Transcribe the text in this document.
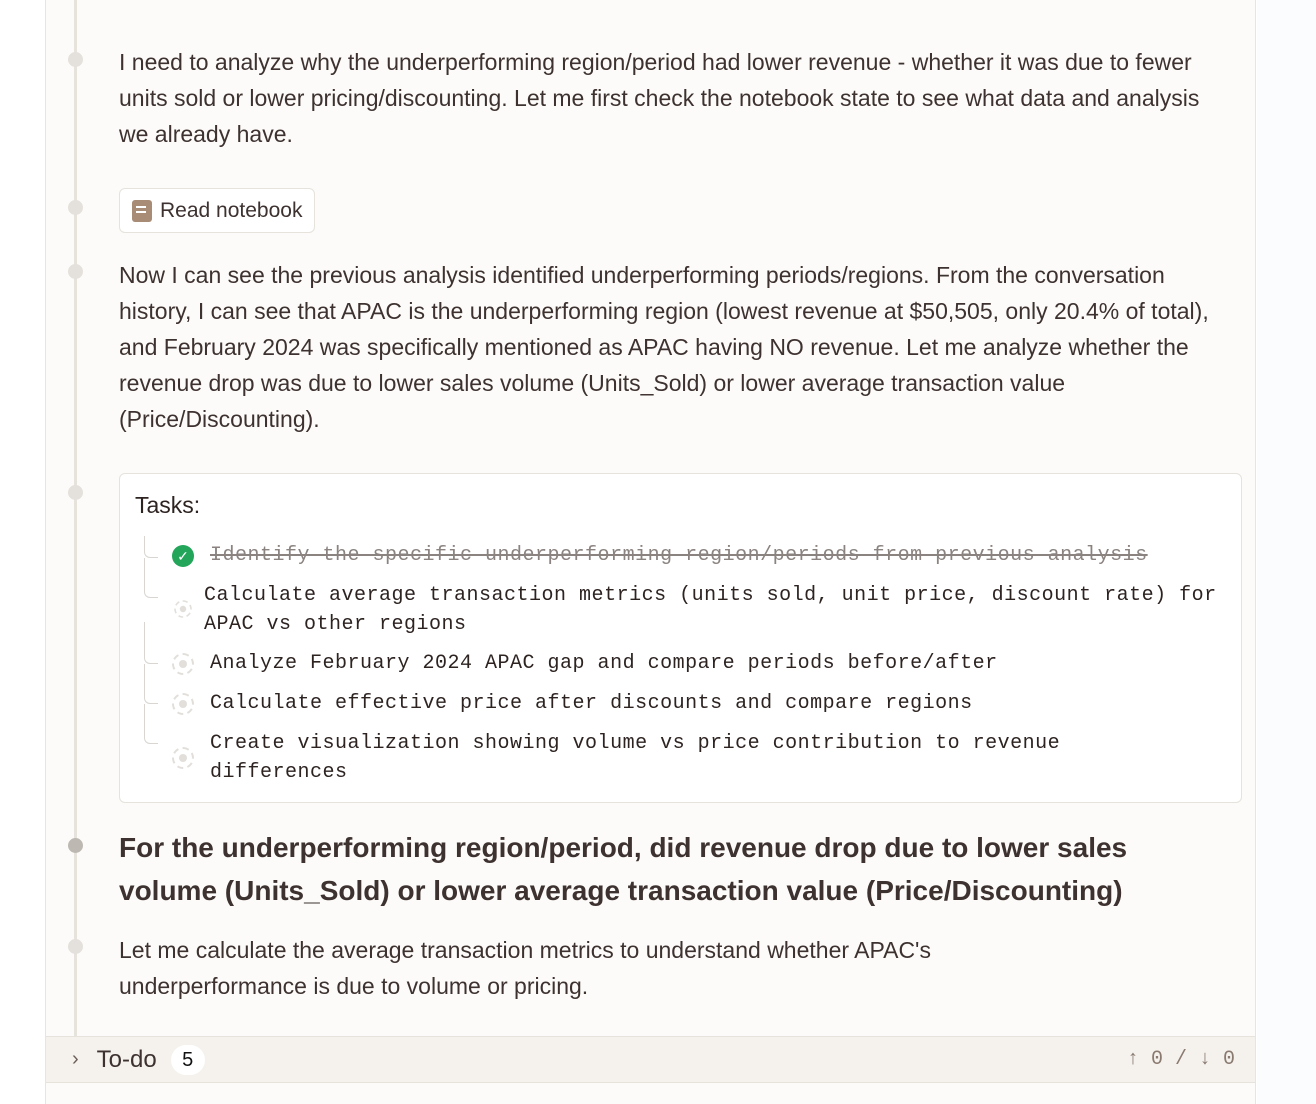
I need to analyze why the underperforming region/period had lower revenue - whether it was due to fewer units sold or lower pricing/discounting. Let me first check the notebook state to see what data and analysis we already have.
Read notebook
Now I can see the previous analysis identified underperforming periods/regions. From the conversation history, I can see that APAC is the underperforming region (lowest revenue at $50,505, only 20.4% of total), and February 2024 was specifically mentioned as APAC having NO revenue. Let me analyze whether the revenue drop was due to lower sales volume (Units_Sold) or lower average transaction value (Price/Discounting).
Tasks:
✓ Identify the specific underperforming region/periods from previous analysis
Calculate average transaction metrics (units sold, unit price, discount rate) for APAC vs other regions
Analyze February 2024 APAC gap and compare periods before/after
Calculate effective price after discounts and compare regions
Create visualization showing volume vs price contribution to revenue differences
For the underperforming region/period, did revenue drop due to lower sales volume (Units_Sold) or lower average transaction value (Price/Discounting)
Let me calculate the average transaction metrics to understand whether APAC's underperformance is due to volume or pricing.
› To-do	5	↑ 0 / ↓ 0
